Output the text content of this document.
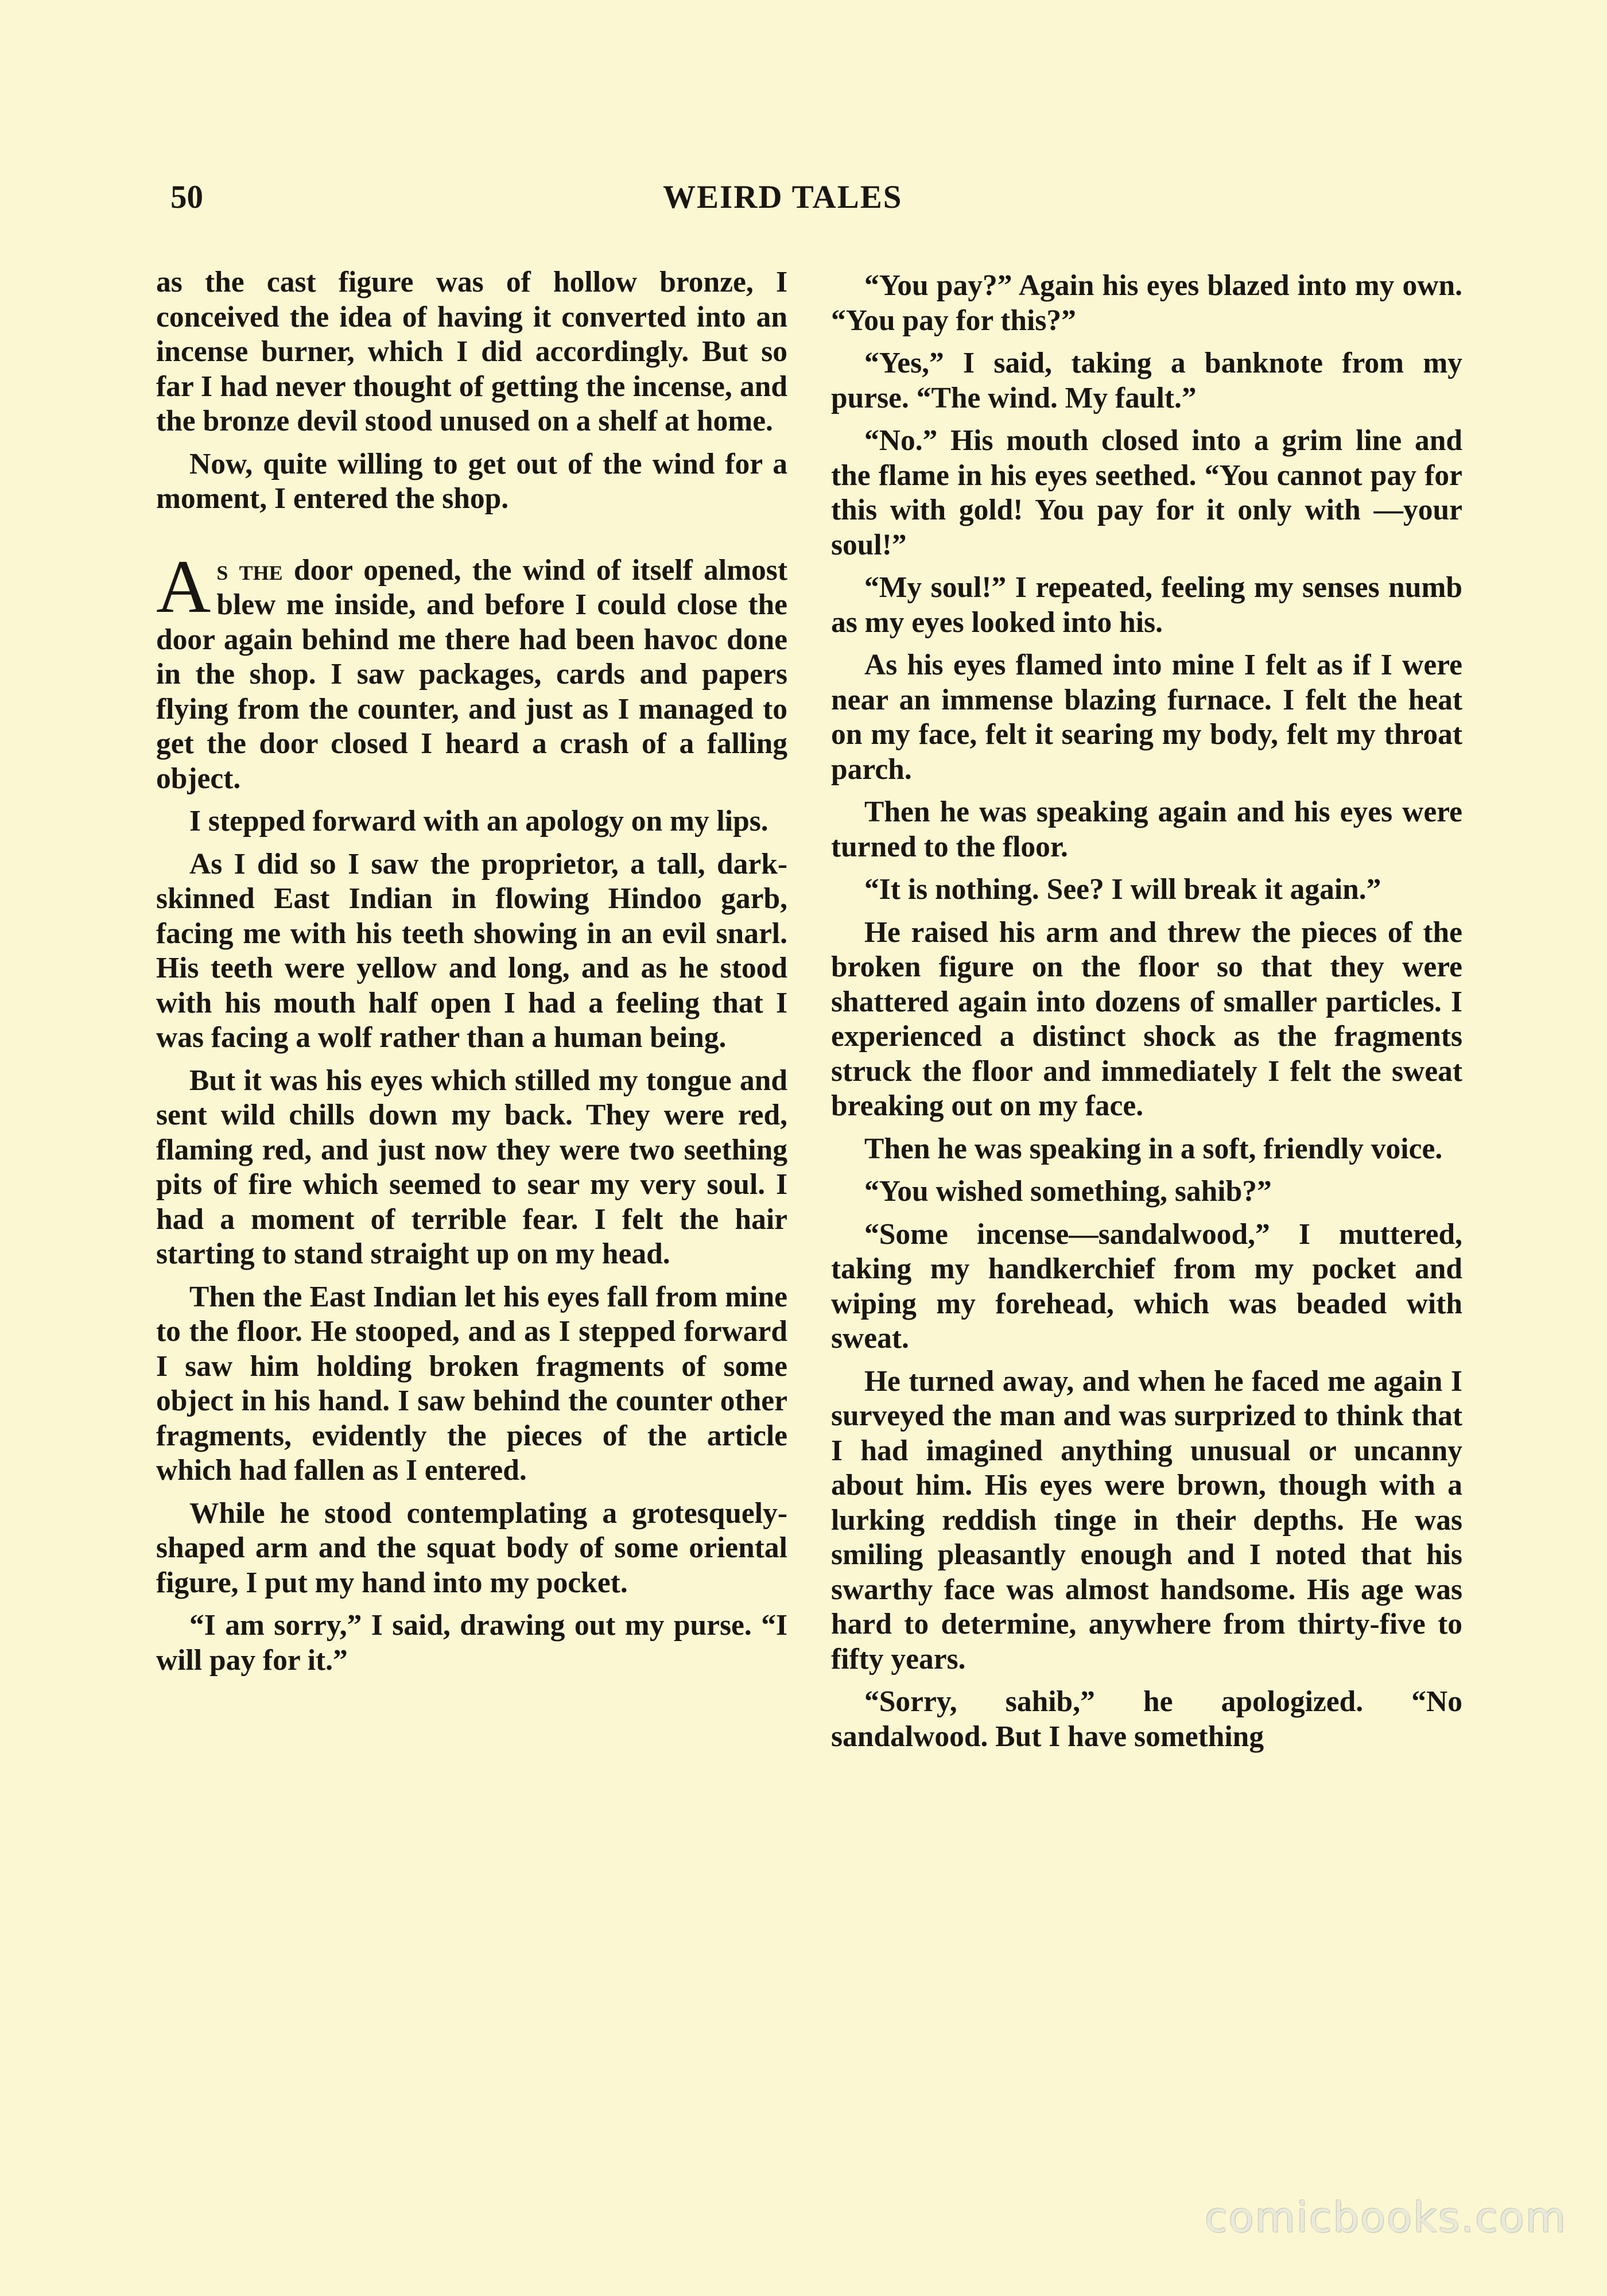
50	WEIRD TALES

as the cast figure was of hollow bronze, I conceived the idea of having it converted into an incense burner, which I did accordingly. But so far I had never thought of getting the incense, and the bronze devil stood unused on a shelf at home.

Now, quite willing to get out of the wind for a moment, I entered the shop.

As the door opened, the wind of itself almost blew me inside, and before I could close the door again behind me there had been havoc done in the shop. I saw packages, cards and papers flying from the counter, and just as I managed to get the door closed I heard a crash of a falling object.

I stepped forward with an apology on my lips.

As I did so I saw the proprietor, a tall, dark-skinned East Indian in flowing Hindoo garb, facing me with his teeth showing in an evil snarl. His teeth were yellow and long, and as he stood with his mouth half open I had a feeling that I was facing a wolf rather than a human being.

But it was his eyes which stilled my tongue and sent wild chills down my back. They were red, flaming red, and just now they were two seething pits of fire which seemed to sear my very soul. I had a moment of terrible fear. I felt the hair starting to stand straight up on my head.

Then the East Indian let his eyes fall from mine to the floor. He stooped, and as I stepped forward I saw him holding broken fragments of some object in his hand. I saw behind the counter other fragments, evidently the pieces of the article which had fallen as I entered.

While he stood contemplating a grotesquely-shaped arm and the squat body of some oriental figure, I put my hand into my pocket.

“I am sorry,” I said, drawing out my purse. “I will pay for it.”

“You pay?” Again his eyes blazed into my own. “You pay for this?”

“Yes,” I said, taking a banknote from my purse. “The wind. My fault.”

“No.” His mouth closed into a grim line and the flame in his eyes seethed. “You cannot pay for this with gold! You pay for it only with —your soul!”

“My soul!” I repeated, feeling my senses numb as my eyes looked into his.

As his eyes flamed into mine I felt as if I were near an immense blazing furnace. I felt the heat on my face, felt it searing my body, felt my throat parch.

Then he was speaking again and his eyes were turned to the floor.

“It is nothing. See? I will break it again.”

He raised his arm and threw the pieces of the broken figure on the floor so that they were shattered again into dozens of smaller particles. I experienced a distinct shock as the fragments struck the floor and immediately I felt the sweat breaking out on my face.

Then he was speaking in a soft, friendly voice.

“You wished something, sahib?”

“Some incense—sandalwood,” I muttered, taking my handkerchief from my pocket and wiping my forehead, which was beaded with sweat.

He turned away, and when he faced me again I surveyed the man and was surprized to think that I had imagined anything unusual or uncanny about him. His eyes were brown, though with a lurking reddish tinge in their depths. He was smiling pleasantly enough and I noted that his swarthy face was almost handsome. His age was hard to determine, anywhere from thirty-five to fifty years.

“Sorry, sahib,” he apologized. “No sandalwood. But I have something

comicbooks.com
